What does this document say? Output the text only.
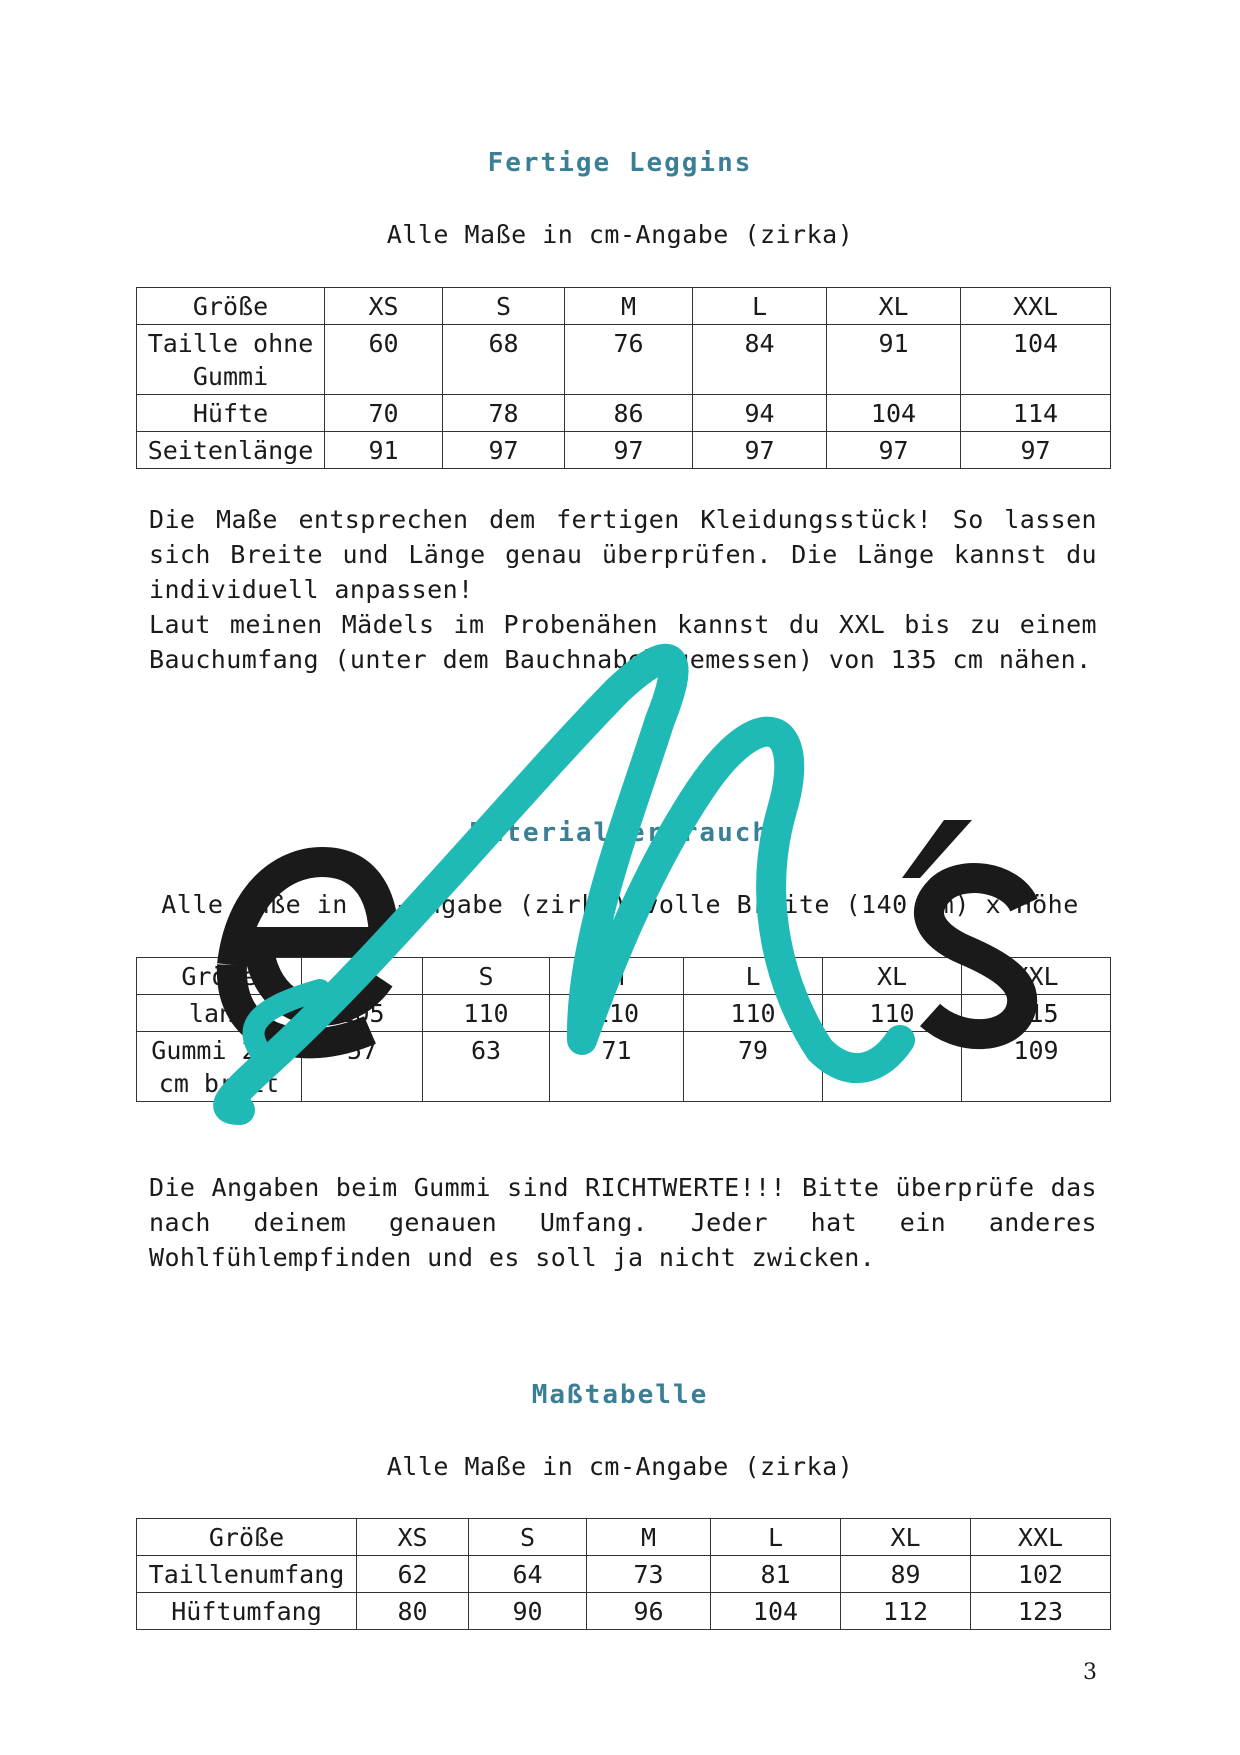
Fertige Leggins
Alle Maße in cm-Angabe (zirka)
Größe	XS	S	M	L	XL	XXL
Taille ohne Gummi	60	68	76	84	91	104
Hüfte	70	78	86	94	104	114
Seitenlänge	91	97	97	97	97	97

Die Maße entsprechen dem fertigen Kleidungsstück! So lassen sich Breite und Länge genau überprüfen. Die Länge kannst du individuell anpassen!

Laut meinen Mädels im Probenähen kannst du XXL bis zu einem Bauchumfang (unter dem Bauchnabel gemessen) von 135 cm nähen.

Materialverbrauch
Alle Maße in cm-Angabe (zirka) volle Breite (140 cm) x Höhe
Größe	XS	S	M	L	XL	XXL
lang	105	110	110	110	110	115
Gummi 2,5 cm breit	57	63	71	79	89	109

Die Angaben beim Gummi sind RICHTWERTE!!! Bitte überprüfe das nach deinem genauen Umfang. Jeder hat ein anderes Wohlfühlempfinden und es soll ja nicht zwicken.

Maßtabelle
Alle Maße in cm-Angabe (zirka)
Größe	XS	S	M	L	XL	XXL
Taillenumfang	62	64	73	81	89	102
Hüftumfang	80	90	96	104	112	123
3
